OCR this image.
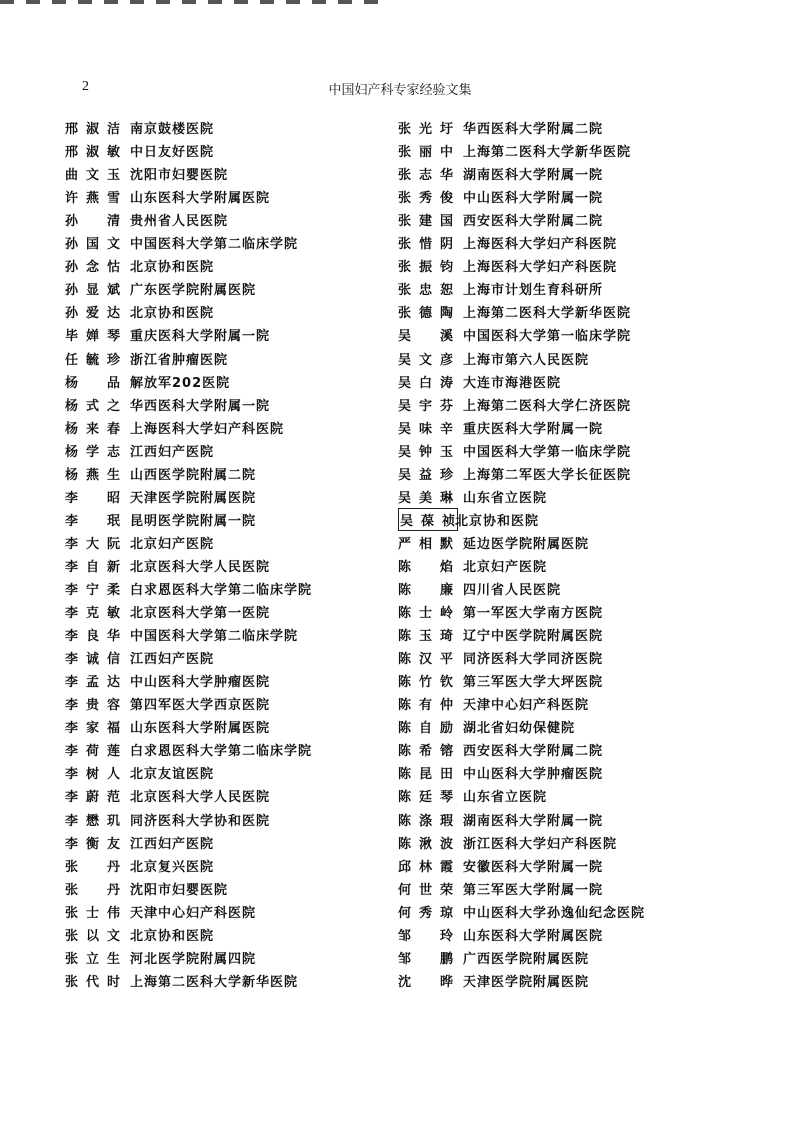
2	中国妇产科专家经验文集
邢淑洁 南京鼓楼医院
邢淑敏 中日友好医院
曲文玉 沈阳市妇婴医院
许燕雪 山东医科大学附属医院
孙　清 贵州省人民医院
孙国文 中国医科大学第二临床学院
孙念怙 北京协和医院
孙显斌 广东医学院附属医院
孙爱达 北京协和医院
毕婵琴 重庆医科大学附属一院
任毓珍 浙江省肿瘤医院
杨　品 解放军202医院
杨式之 华西医科大学附属一院
杨来春 上海医科大学妇产科医院
杨学志 江西妇产医院
杨燕生 山西医学院附属二院
李　昭 天津医学院附属医院
李　珉 昆明医学院附属一院
李大阮 北京妇产医院
李自新 北京医科大学人民医院
李宁柔 白求恩医科大学第二临床学院
李克敏 北京医科大学第一医院
李良华 中国医科大学第二临床学院
李诚信 江西妇产医院
李孟达 中山医科大学肿瘤医院
李贵容 第四军医大学西京医院
李家福 山东医科大学附属医院
李荷莲 白求恩医科大学第二临床学院
李树人 北京友谊医院
李蔚范 北京医科大学人民医院
李懋玑 同济医科大学协和医院
李衡友 江西妇产医院
张　丹 北京复兴医院
张　丹 沈阳市妇婴医院
张士伟 天津中心妇产科医院
张以文 北京协和医院
张立生 河北医学院附属四院
张代时 上海第二医科大学新华医院
张光圩 华西医科大学附属二院
张丽中 上海第二医科大学新华医院
张志华 湖南医科大学附属一院
张秀俊 中山医科大学附属一院
张建国 西安医科大学附属二院
张惜阴 上海医科大学妇产科医院
张振钧 上海医科大学妇产科医院
张忠恕 上海市计划生育科研所
张德陶 上海第二医科大学新华医院
吴　溪 中国医科大学第一临床学院
吴文彦 上海市第六人民医院
吴白涛 大连市海港医院
吴宇芬 上海第二医科大学仁济医院
吴味辛 重庆医科大学附属一院
吴钟玉 中国医科大学第一临床学院
吴益珍 上海第二军医大学长征医院
吴美琳 山东省立医院
吴葆祯 北京协和医院
严相默 延边医学院附属医院
陈　焰 北京妇产医院
陈　廉 四川省人民医院
陈士岭 第一军医大学南方医院
陈玉琦 辽宁中医学院附属医院
陈汉平 同济医科大学同济医院
陈竹钦 第三军医大学大坪医院
陈有仲 天津中心妇产科医院
陈自励 湖北省妇幼保健院
陈希镕 西安医科大学附属二院
陈昆田 中山医科大学肿瘤医院
陈廷琴 山东省立医院
陈涤瑕 湖南医科大学附属一院
陈湫波 浙江医科大学妇产科医院
邱林霞 安徽医科大学附属一院
何世荣 第三军医大学附属一院
何秀琼 中山医科大学孙逸仙纪念医院
邹　玲 山东医科大学附属医院
邹　鹏 广西医学院附属医院
沈　晔 天津医学院附属医院
